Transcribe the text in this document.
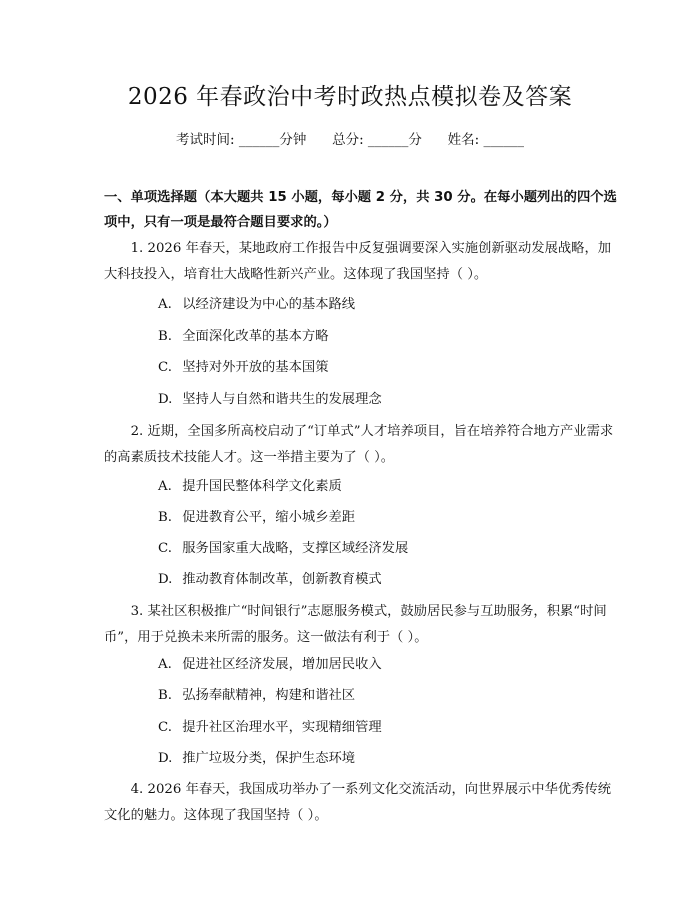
2026 年春政治中考时政热点模拟卷及答案
考试时间: ______分钟      总分: ______分      姓名: ______
一、单项选择题（本大题共 15 小题，每小题 2 分，共 30 分。在每小题列出的四个选项中，只有一项是最符合题目要求的。）
1. 2026 年春天，某地政府工作报告中反复强调要深入实施创新驱动发展战略，加大科技投入，培育壮大战略性新兴产业。这体现了我国坚持（ ）。
A. 以经济建设为中心的基本路线
B. 全面深化改革的基本方略
C. 坚持对外开放的基本国策
D. 坚持人与自然和谐共生的发展理念
2. 近期，全国多所高校启动了“订单式”人才培养项目，旨在培养符合地方产业需求的高素质技术技能人才。这一举措主要为了（ ）。
A. 提升国民整体科学文化素质
B. 促进教育公平，缩小城乡差距
C. 服务国家重大战略，支撑区域经济发展
D. 推动教育体制改革，创新教育模式
3. 某社区积极推广“时间银行”志愿服务模式，鼓励居民参与互助服务，积累“时间币”，用于兑换未来所需的服务。这一做法有利于（ ）。
A. 促进社区经济发展，增加居民收入
B. 弘扬奉献精神，构建和谐社区
C. 提升社区治理水平，实现精细管理
D. 推广垃圾分类，保护生态环境
4. 2026 年春天，我国成功举办了一系列文化交流活动，向世界展示中华优秀传统文化的魅力。这体现了我国坚持（ ）。
